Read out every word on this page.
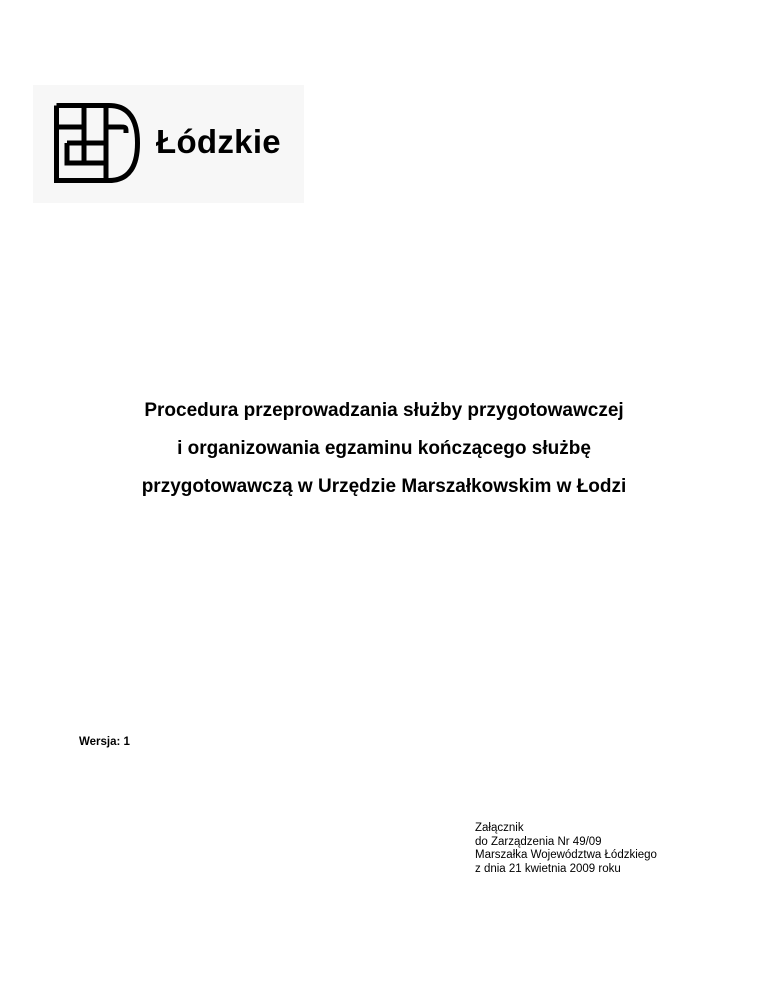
Łódzkie
Procedura przeprowadzania służby przygotowawczej
i organizowania egzaminu kończącego służbę
przygotowawczą w Urzędzie Marszałkowskim w Łodzi
Wersja: 1
Załącznik
do Zarządzenia Nr 49/09
Marszałka Województwa Łódzkiego
z dnia 21 kwietnia 2009 roku
